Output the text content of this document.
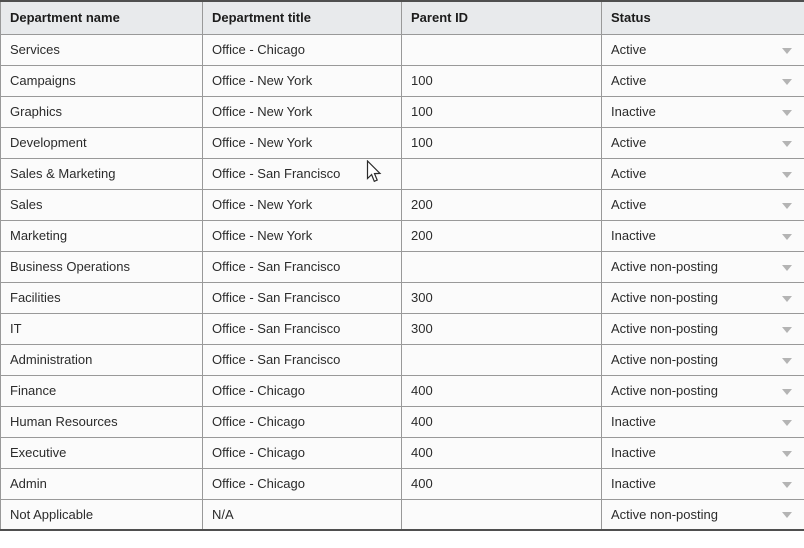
Department name	Department title	Parent ID	Status
Services	Office - Chicago		Active

Campaigns	Office - New York	100	Active

Graphics	Office - New York	100	Inactive

Development	Office - New York	100	Active

Sales & Marketing	Office - San Francisco		Active

Sales	Office - New York	200	Active

Marketing	Office - New York	200	Inactive

Business Operations	Office - San Francisco		Active non-posting

Facilities	Office - San Francisco	300	Active non-posting

IT	Office - San Francisco	300	Active non-posting

Administration	Office - San Francisco		Active non-posting

Finance	Office - Chicago	400	Active non-posting

Human Resources	Office - Chicago	400	Inactive

Executive	Office - Chicago	400	Inactive

Admin	Office - Chicago	400	Inactive

Not Applicable	N/A		Active non-posting
